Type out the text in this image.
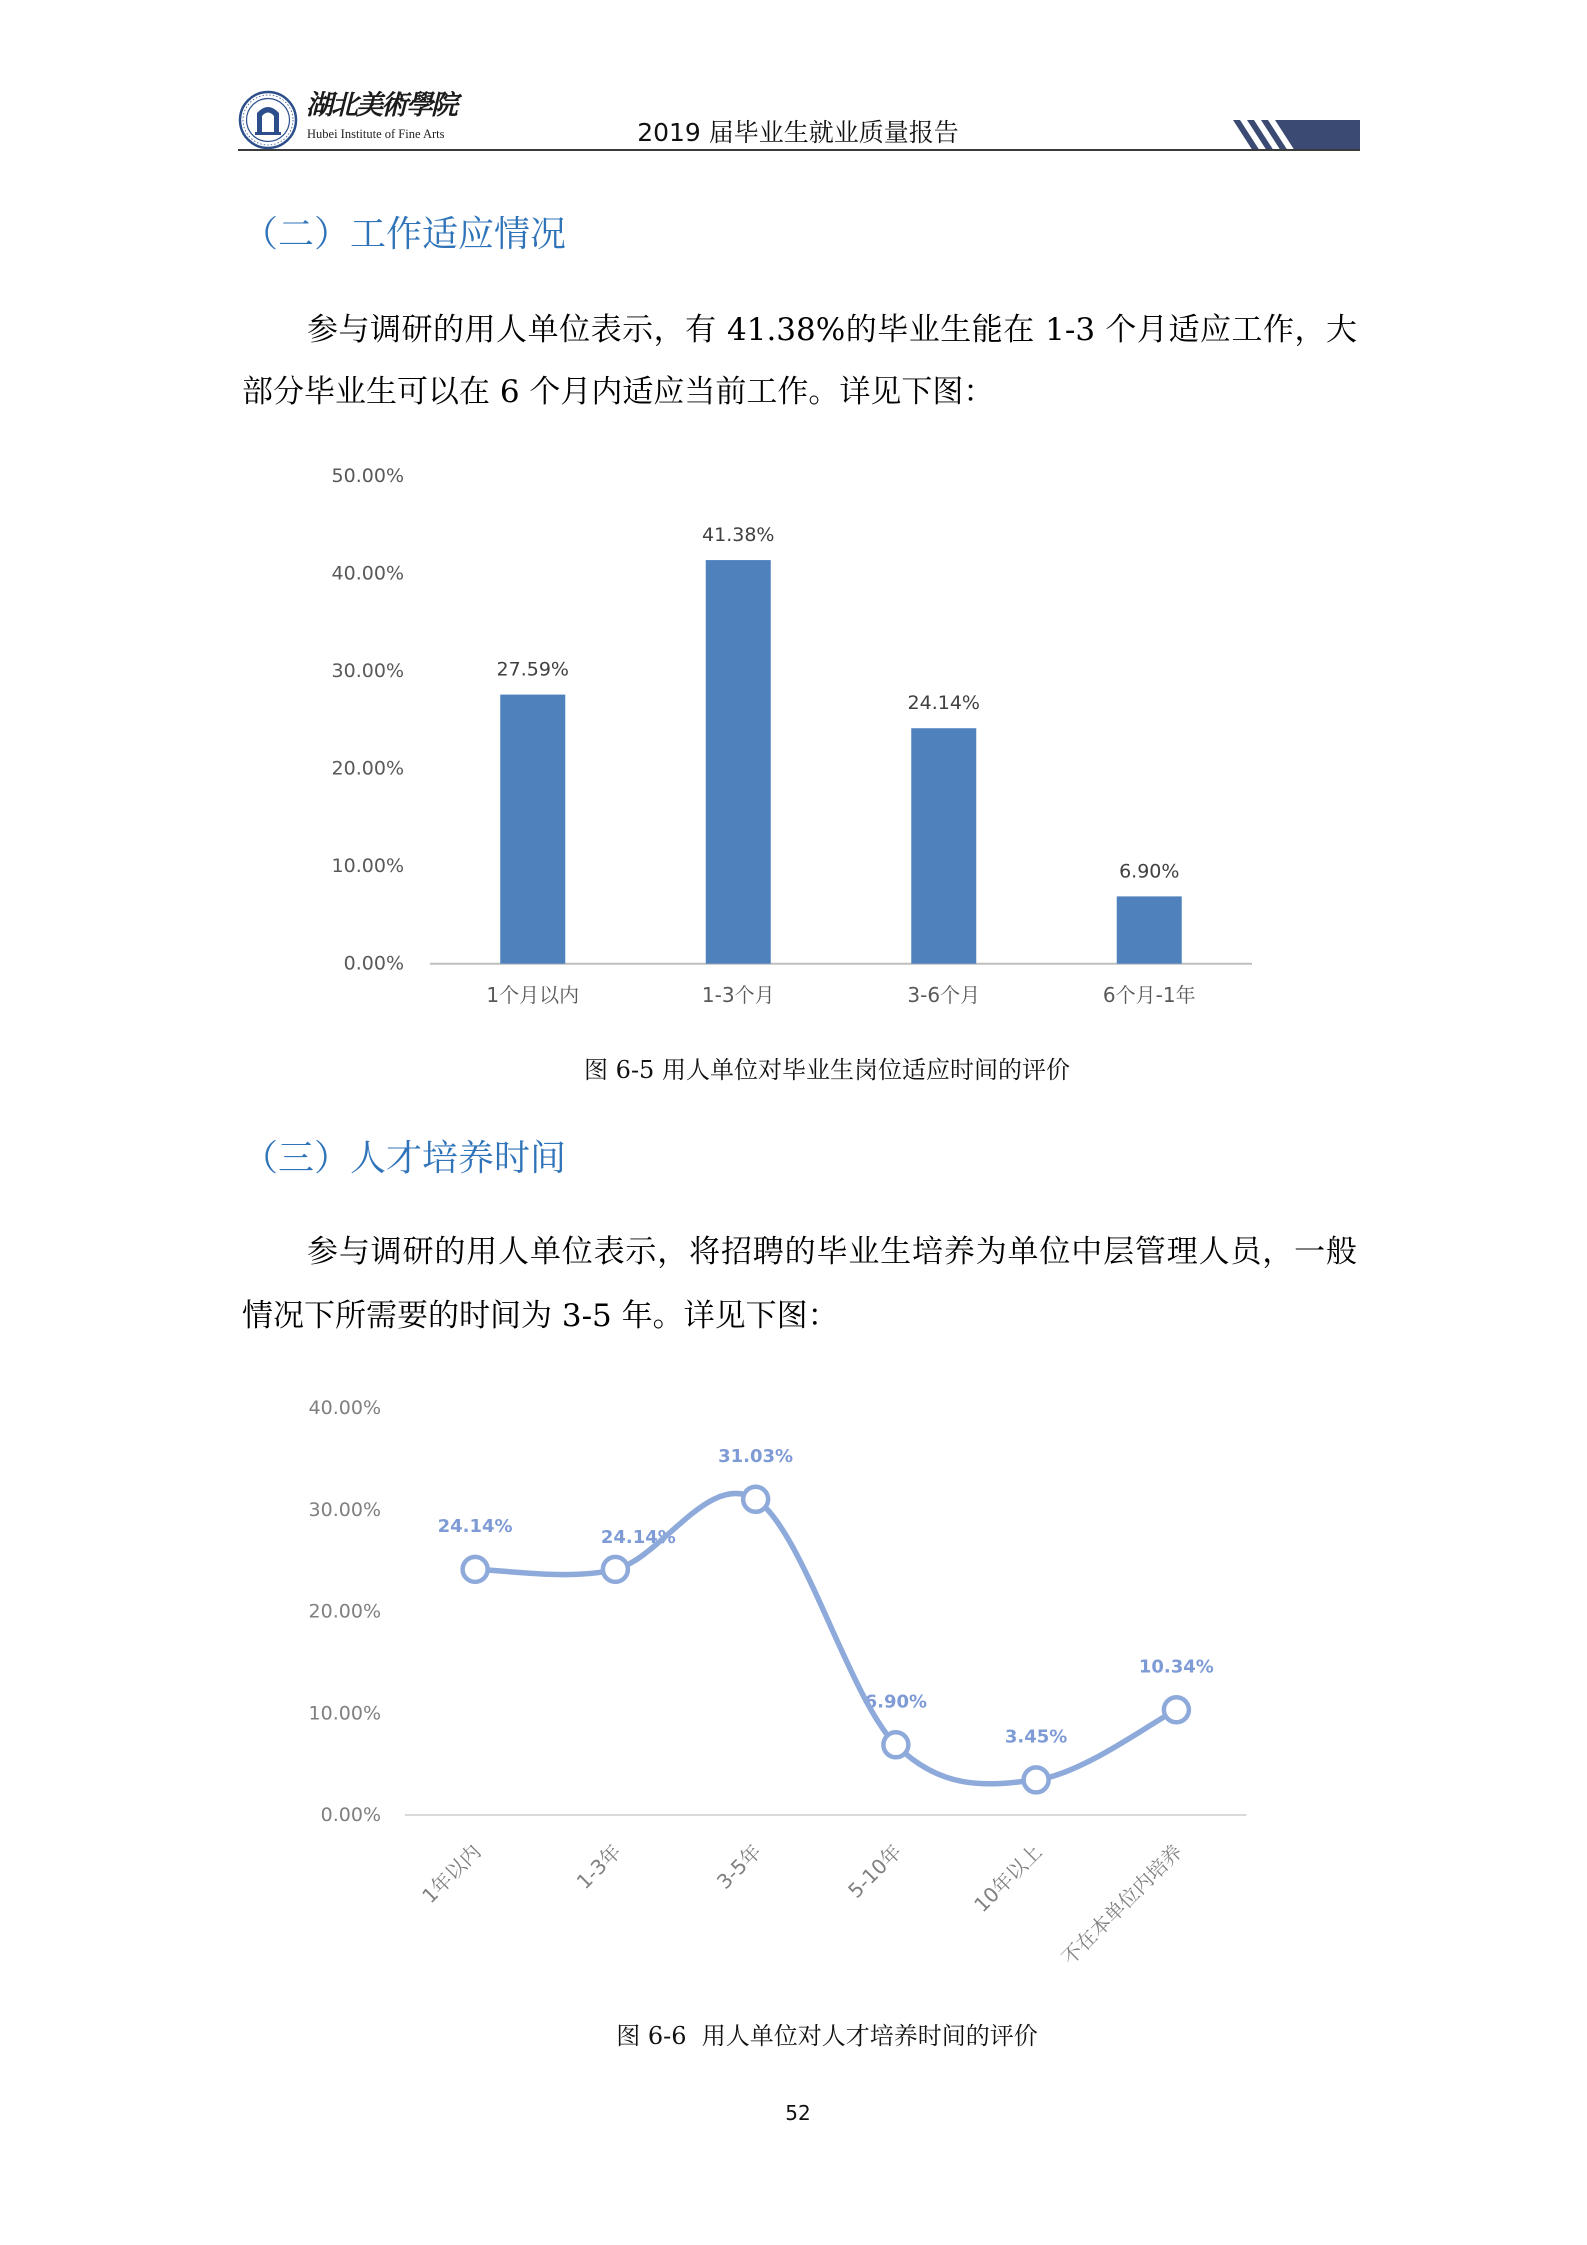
湖北美術學院
Hubei Institute of Fine Arts	2019 届毕业生就业质量报告
（二）工作适应情况
参与调研的用人单位表示，有 41.38%的毕业生能在 1-3 个月适应工作，大
部分毕业生可以在 6 个月内适应当前工作。详见下图：
0.00%
10.00%
20.00%
30.00%
40.00%
50.00%
27.59%
1个月以内
41.38%
1-3个月
24.14%
3-6个月
6.90%
6个月-1年
图 6-5 用人单位对毕业生岗位适应时间的评价
（三）人才培养时间
参与调研的用人单位表示，将招聘的毕业生培养为单位中层管理人员，一般
情况下所需要的时间为 3-5 年。详见下图：
0.00%
10.00%
20.00%
30.00%
40.00%
24.14%
24.14%
31.03%
6.90%
3.45%
10.34%
1年以内	1-3年	3-5年	5-10年	10年以上 不在本单位内培养
图 6-6  用人单位对人才培养时间的评价
52
